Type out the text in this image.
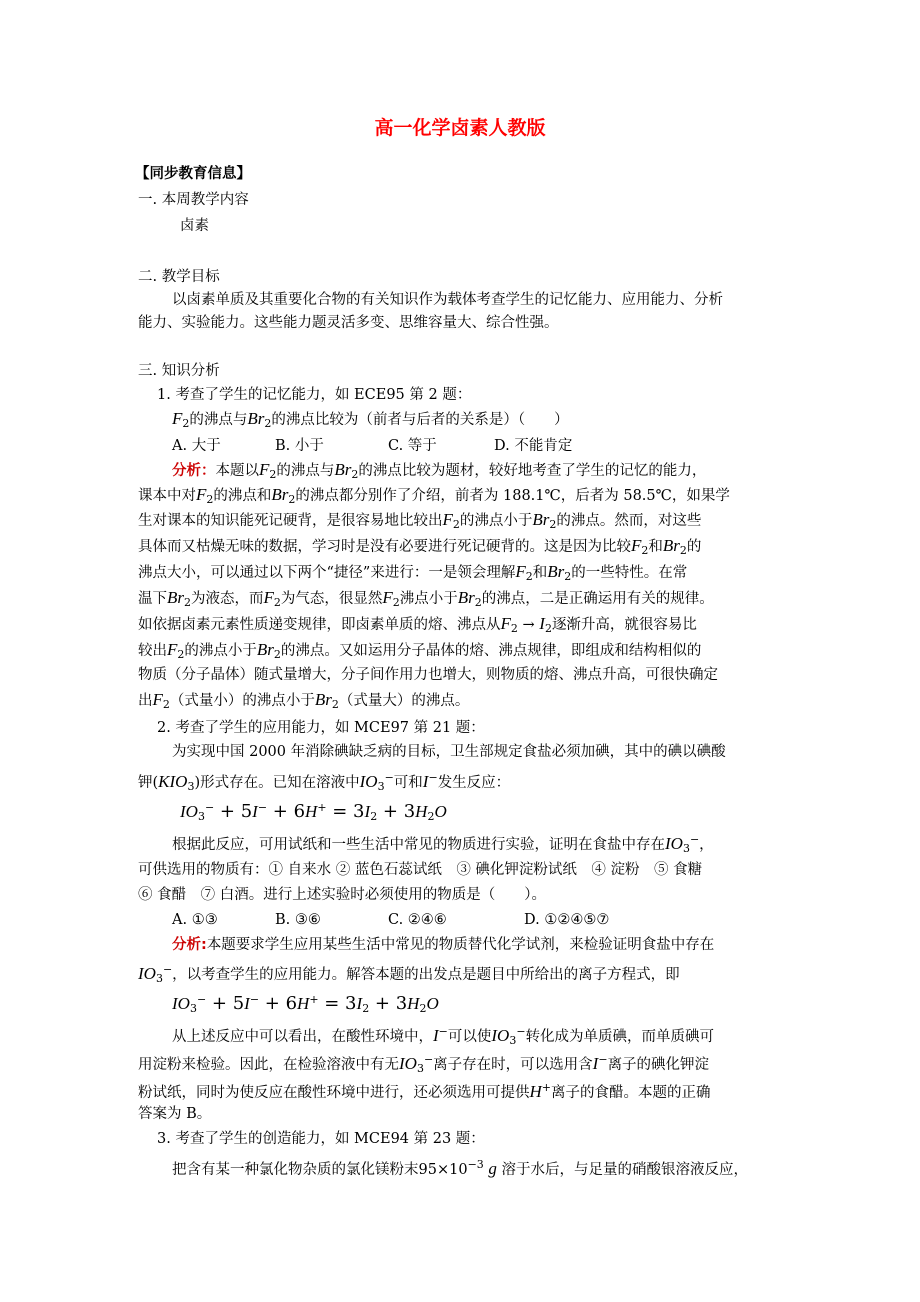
高一化学卤素人教版
【同步教育信息】
一. 本周教学内容
卤素
二. 教学目标
以卤素单质及其重要化合物的有关知识作为载体考查学生的记忆能力、应用能力、分析
能力、实验能力。这些能力题灵活多变、思维容量大、综合性强。
三. 知识分析
1. 考查了学生的记忆能力，如 ECE95 第 2 题：
$F_2$的沸点与$Br_2$的沸点比较为（前者与后者的关系是）（　　）
A. 大于	B. 小于	C. 等于	D. 不能肯定
分析：本题以$F_2$的沸点与$Br_2$的沸点比较为题材，较好地考查了学生的记忆的能力，
课本中对$F_2$的沸点和$Br_2$的沸点都分别作了介绍，前者为 188.1℃，后者为 58.5℃，如果学
生对课本的知识能死记硬背，是很容易地比较出$F_2$的沸点小于$Br_2$的沸点。然而，对这些
具体而又枯燥无味的数据，学习时是没有必要进行死记硬背的。这是因为比较$F_2$和$Br_2$的
沸点大小，可以通过以下两个“捷径”来进行：一是领会理解$F_2$和$Br_2$的一些特性。在常
温下$Br_2$为液态，而$F_2$为气态，很显然$F_2$沸点小于$Br_2$的沸点，二是正确运用有关的规律。
如依据卤素元素性质递变规律，即卤素单质的熔、沸点从$F_2 \to I_2$逐渐升高，就很容易比
较出$F_2$的沸点小于$Br_2$的沸点。又如运用分子晶体的熔、沸点规律，即组成和结构相似的
物质（分子晶体）随式量增大，分子间作用力也增大，则物质的熔、沸点升高，可很快确定
出$F_2$（式量小）的沸点小于$Br_2$（式量大）的沸点。
2. 考查了学生的应用能力，如 MCE97 第 21 题：
为实现中国 2000 年消除碘缺乏病的目标，卫生部规定食盐必须加碘，其中的碘以碘酸
钾$(KIO_3)$形式存在。已知在溶液中$IO_3^-$可和I−发生反应：
$IO_3^- + 5I^- + 6H^+ = 3I_2 + 3H_2O$
根据此反应，可用试纸和一些生活中常见的物质进行实验，证明在食盐中存在$IO_3^-$，
可供选用的物质有：① 自来水 ② 蓝色石蕊试纸　③ 碘化钾淀粉试纸　④ 淀粉　⑤ 食糖
⑥ 食醋　⑦ 白酒。进行上述实验时必须使用的物质是（　　）。
A. ①③	B. ③⑥	C. ②④⑥	D. ①②④⑤⑦
分析:本题要求学生应用某些生活中常见的物质替代化学试剂，来检验证明食盐中存在
$IO_3^-$，以考查学生的应用能力。解答本题的出发点是题目中所给出的离子方程式，即
$IO_3^- + 5I^- + 6H^+ = 3I_2 + 3H_2O$
从上述反应中可以看出，在酸性环境中，I−可以使$IO_3^-$转化成为单质碘，而单质碘可
用淀粉来检验。因此，在检验溶液中有无$IO_3^-$离子存在时，可以选用含I−离子的碘化钾淀
粉试纸，同时为使反应在酸性环境中进行，还必须选用可提供H+离子的食醋。本题的正确
答案为 B。
3. 考查了学生的创造能力，如 MCE94 第 23 题：
把含有某一种氯化物杂质的氯化镁粉末$95\times 10^{-3}$ g 溶于水后，与足量的硝酸银溶液反应，
